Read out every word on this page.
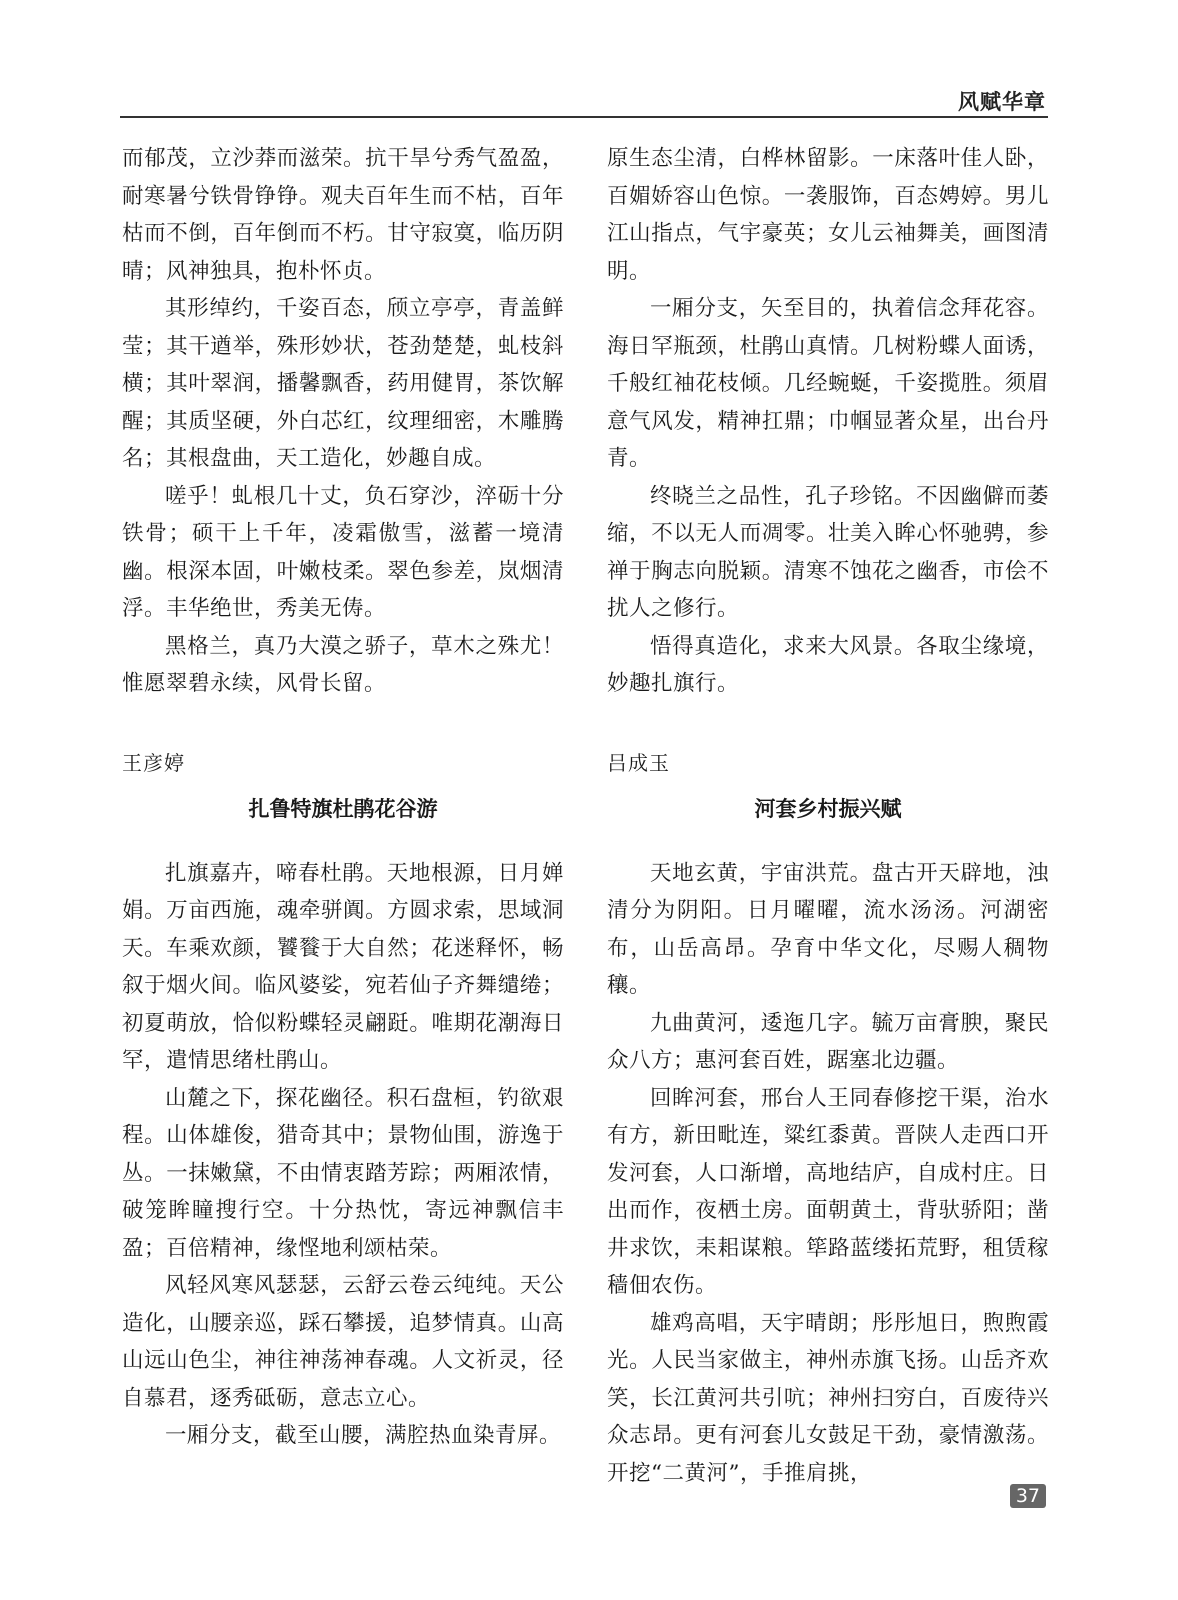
风赋华章

而郁茂，立沙莽而滋荣。抗干旱兮秀气盈盈，耐寒暑兮铁骨铮铮。观夫百年生而不枯，百年枯而不倒，百年倒而不朽。甘守寂寞，临历阴晴；风神独具，抱朴怀贞。

其形绰约，千姿百态，颀立亭亭，青盖鲜莹；其干遒举，殊形妙状，苍劲楚楚，虬枝斜横；其叶翠润，播馨飘香，药用健胃，茶饮解醒；其质坚硬，外白芯红，纹理细密，木雕腾名；其根盘曲，天工造化，妙趣自成。

嗟乎！虬根几十丈，负石穿沙，淬砺十分铁骨；硕干上千年，凌霜傲雪，滋蓄一境清幽。根深本固，叶嫩枝柔。翠色参差，岚烟清浮。丰华绝世，秀美无俦。

黑格兰，真乃大漠之骄子，草木之殊尤！惟愿翠碧永续，风骨长留。

王彦婷
扎鲁特旗杜鹃花谷游

扎旗嘉卉，啼春杜鹃。天地根源，日月婵娟。万亩西施，魂牵骈阗。方圆求索，思域洞天。车乘欢颜，饕餮于大自然；花迷释怀，畅叙于烟火间。临风婆娑，宛若仙子齐舞缱绻；初夏萌放，恰似粉蝶轻灵翩跹。唯期花潮海日罕，遣情思绪杜鹃山。

山麓之下，探花幽径。积石盘桓，钓欲艰程。山体雄俊，猎奇其中；景物仙围，游逸于丛。一抹嫩黛，不由情衷踏芳踪；两厢浓情，破笼眸瞳搜行空。十分热忱，寄远神飘信丰盈；百倍精神，缘悭地利颂枯荣。

风轻风寒风瑟瑟，云舒云卷云纯纯。天公造化，山腰亲巡，踩石攀援，追梦情真。山高山远山色尘，神往神荡神春魂。人文祈灵，径自慕君，逐秀砥砺，意志立心。

一厢分支，截至山腰，满腔热血染青屏。

原生态尘清，白桦林留影。一床落叶佳人卧，百媚娇容山色惊。一袭服饰，百态娉婷。男儿江山指点，气宇豪英；女儿云袖舞美，画图清明。

一厢分支，矢至目的，执着信念拜花容。海日罕瓶颈，杜鹃山真情。几树粉蝶人面诱，千般红袖花枝倾。几经蜿蜒，千姿揽胜。须眉意气风发，精神扛鼎；巾帼显著众星，出台丹青。

终晓兰之品性，孔子珍铭。不因幽僻而萎缩，不以无人而凋零。壮美入眸心怀驰骋，参禅于胸志向脱颖。清寒不蚀花之幽香，市侩不扰人之修行。

悟得真造化，求来大风景。各取尘缘境，妙趣扎旗行。

吕成玉
河套乡村振兴赋

天地玄黄，宇宙洪荒。盘古开天辟地，浊清分为阴阳。日月曜曜，流水汤汤。河湖密布，山岳高昂。孕育中华文化，尽赐人稠物穰。

九曲黄河，逶迤几字。毓万亩膏腴，聚民众八方；惠河套百姓，踞塞北边疆。

回眸河套，邢台人王同春修挖干渠，治水有方，新田毗连，粱红黍黄。晋陕人走西口开发河套，人口渐增，高地结庐，自成村庄。日出而作，夜栖土房。面朝黄土，背驮骄阳；凿井求饮，耒耜谋粮。筚路蓝缕拓荒野，租赁稼穑佃农伤。

雄鸡高唱，天宇晴朗；彤彤旭日，煦煦霞光。人民当家做主，神州赤旗飞扬。山岳齐欢笑，长江黄河共引吭；神州扫穷白，百废待兴众志昂。更有河套儿女鼓足干劲，豪情激荡。开挖“二黄河”，手推肩挑，

37
